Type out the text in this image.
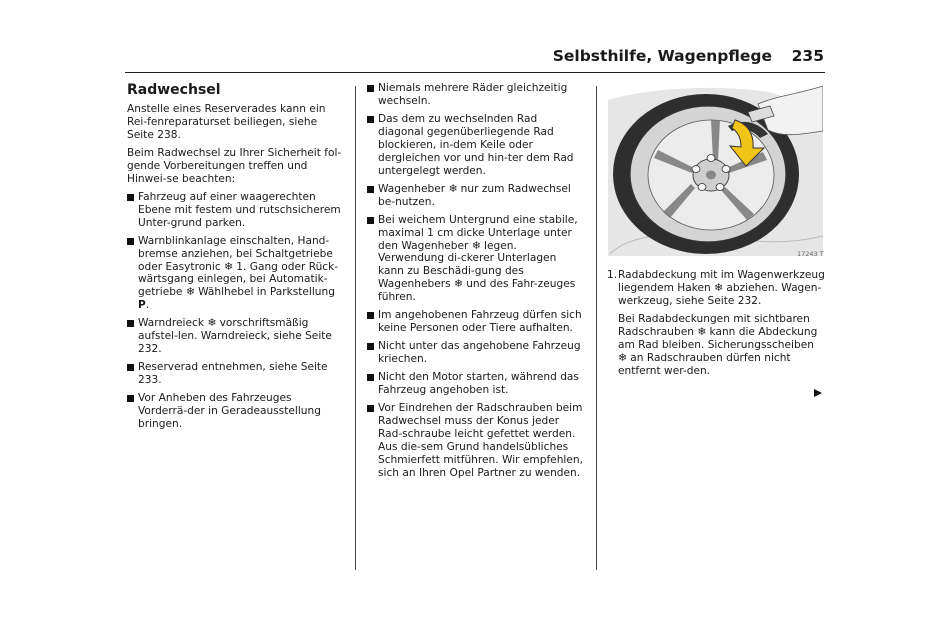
Selbsthilfe, Wagenpflege 235
Radwechsel

Anstelle eines Reserverades kann ein Rei-fenreparaturset beiliegen, siehe Seite 238.

Beim Radwechsel zu Ihrer Sicherheit fol-gende Vorbereitungen treffen und Hinwei-se beachten:

Fahrzeug auf einer waagerechten Ebene mit festem und rutschsicherem Unter-grund parken.
Warnblinkanlage einschalten, Hand-bremse anziehen, bei Schaltgetriebe oder Easytronic ❄ 1. Gang oder Rück-wärtsgang einlegen, bei Automatik-getriebe ❄ Wählhebel in Parkstellung P.
Warndreieck ❄ vorschriftsmäßig aufstel-len. Warndreieck, siehe Seite 232.
Reserverad entnehmen, siehe Seite 233.
Vor Anheben des Fahrzeuges Vorderrä-der in Geradeausstellung bringen.
Niemals mehrere Räder gleichzeitig wechseln.
Das dem zu wechselnden Rad diagonal gegenüberliegende Rad blockieren, in-dem Keile oder dergleichen vor und hin-ter dem Rad untergelegt werden.
Wagenheber ❄ nur zum Radwechsel be-nutzen.
Bei weichem Untergrund eine stabile, maximal 1 cm dicke Unterlage unter den Wagenheber ❄ legen. Verwendung di-ckerer Unterlagen kann zu Beschädi-gung des Wagenhebers ❄ und des Fahr-zeuges führen.
Im angehobenen Fahrzeug dürfen sich keine Personen oder Tiere aufhalten.
Nicht unter das angehobene Fahrzeug kriechen.
Nicht den Motor starten, während das Fahrzeug angehoben ist.
Vor Eindrehen der Radschrauben beim Radwechsel muss der Konus jeder Rad-schraube leicht gefettet werden. Aus die-sem Grund handelsübliches Schmierfett mitführen. Wir empfehlen, sich an Ihren Opel Partner zu wenden.
17243 T
1. Radabdeckung mit im Wagenwerkzeug liegendem Haken ❄ abziehen. Wagen-werkzeug, siehe Seite 232.

Bei Radabdeckungen mit sichtbaren Radschrauben ❄ kann die Abdeckung am Rad bleiben. Sicherungsscheiben ❄ an Radschrauben dürfen nicht entfernt wer-den.
